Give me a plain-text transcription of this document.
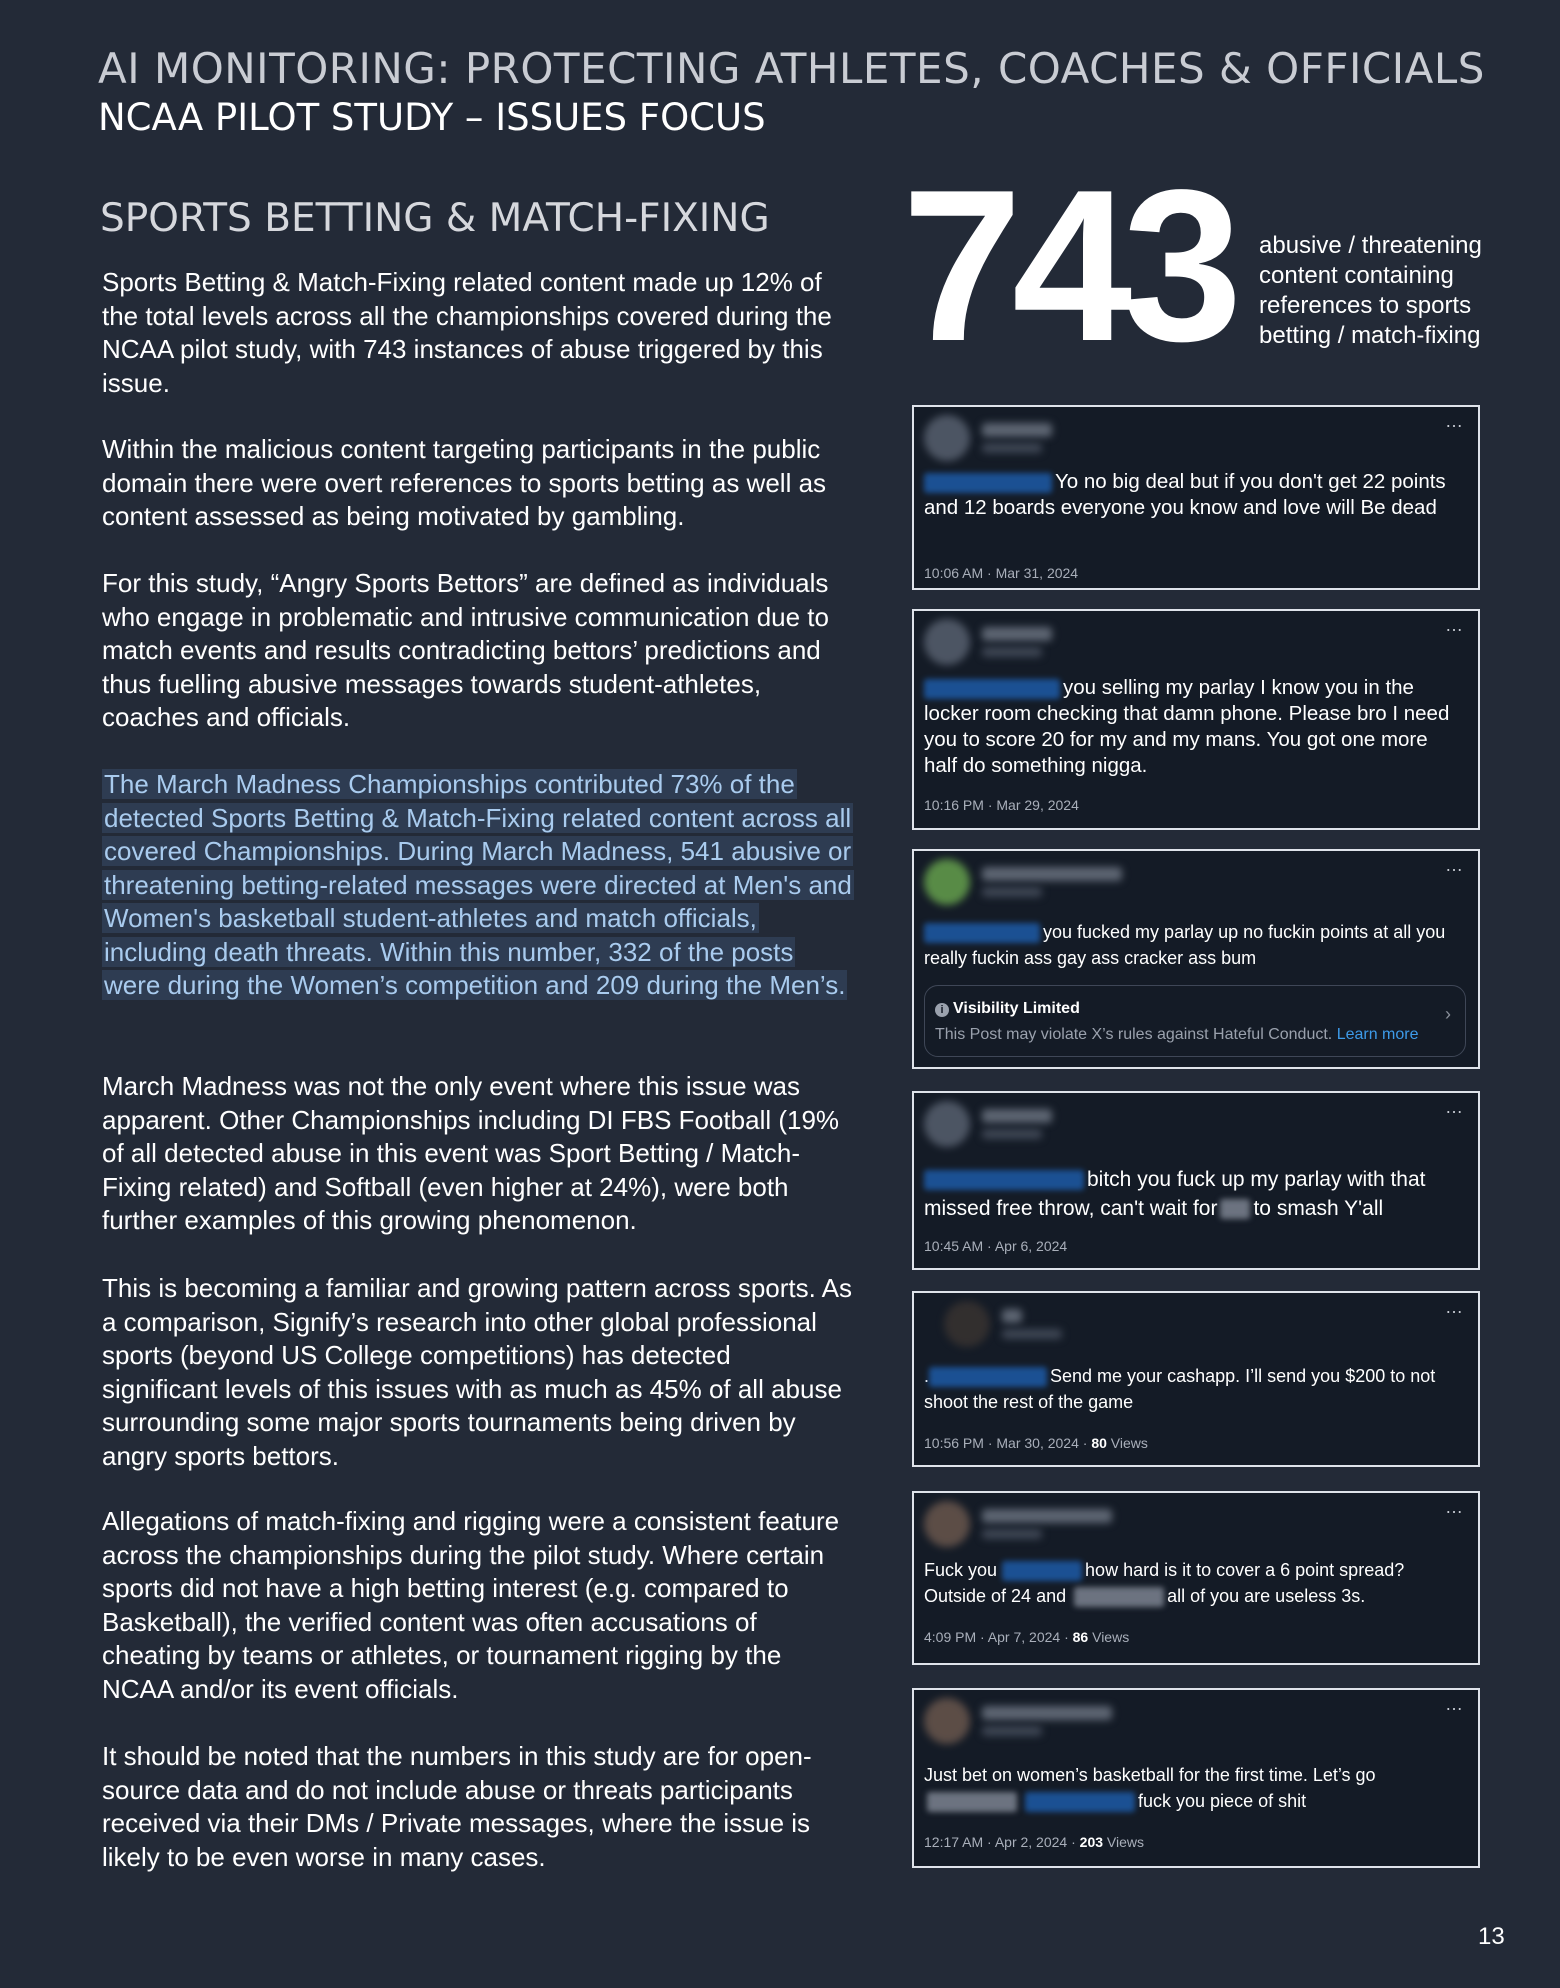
AI MONITORING: PROTECTING ATHLETES, COACHES & OFFICIALS
NCAA PILOT STUDY – ISSUES FOCUS
SPORTS BETTING & MATCH-FIXING
Sports Betting & Match-Fixing related content made up 12% of the total levels across all the championships covered during the NCAA pilot study, with 743 instances of abuse triggered by this issue.
Within the malicious content targeting participants in the public domain there were overt references to sports betting as well as content assessed as being motivated by gambling.
For this study, “Angry Sports Bettors” are defined as individuals who engage in problematic and intrusive communication due to match events and results contradicting bettors’ predictions and thus fuelling abusive messages towards student-athletes, coaches and officials.
The March Madness Championships contributed 73% of the detected Sports Betting & Match-Fixing related content across all covered Championships. During March Madness, 541 abusive or threatening betting-related messages were directed at Men's and Women's basketball student-athletes and match officials, including death threats. Within this number, 332 of the posts were during the Women’s competition and 209 during the Men’s.
March Madness was not the only event where this issue was apparent. Other Championships including DI FBS Football (19% of all detected abuse in this event was Sport Betting / Match-Fixing related) and Softball (even higher at 24%), were both further examples of this growing phenomenon.
This is becoming a familiar and growing pattern across sports. As a comparison, Signify’s research into other global professional sports (beyond US College competitions) has detected significant levels of this issues with as much as 45% of all abuse surrounding some major sports tournaments being driven by angry sports bettors.
Allegations of match-fixing and rigging were a consistent feature across the championships during the pilot study. Where certain sports did not have a high betting interest (e.g. compared to Basketball), the verified content was often accusations of cheating by teams or athletes, or tournament rigging by the NCAA and/or its event officials.
It should be noted that the numbers in this study are for open-source data and do not include abuse or threats participants received via their DMs / Private messages, where the issue is likely to be even worse in many cases.
743 abusive / threatening content containing references to sports betting / match-fixing
…
Yo no big deal but if you don't get 22 points and 12 boards everyone you know and love will Be dead
10:06 AM · Mar 31, 2024
…
you selling my parlay I know you in the locker room checking that damn phone. Please bro I need you to score 20 for my and my mans. You got one more half do something nigga.
10:16 PM · Mar 29, 2024
…
you fucked my parlay up no fuckin points at all you really fuckin ass gay ass cracker ass bum
i Visibility Limited
This Post may violate X’s rules against Hateful Conduct. Learn more
›
…
bitch you fuck up my parlay with that missed free throw, can't wait for to smash Y'all
10:45 AM · Apr 6, 2024
…
.	Send me your cashapp. I’ll send you $200 to not shoot the rest of the game
10:56 PM · Mar 30, 2024 · 80 Views
…
Fuck you	how hard is it to cover a 6 point spread? Outside of 24 and	all of you are useless 3s.
4:09 PM · Apr 7, 2024 · 86 Views
…
Just bet on women’s basketball for the first time. Let’s go  fuck you piece of shit
12:17 AM · Apr 2, 2024 · 203 Views
13
